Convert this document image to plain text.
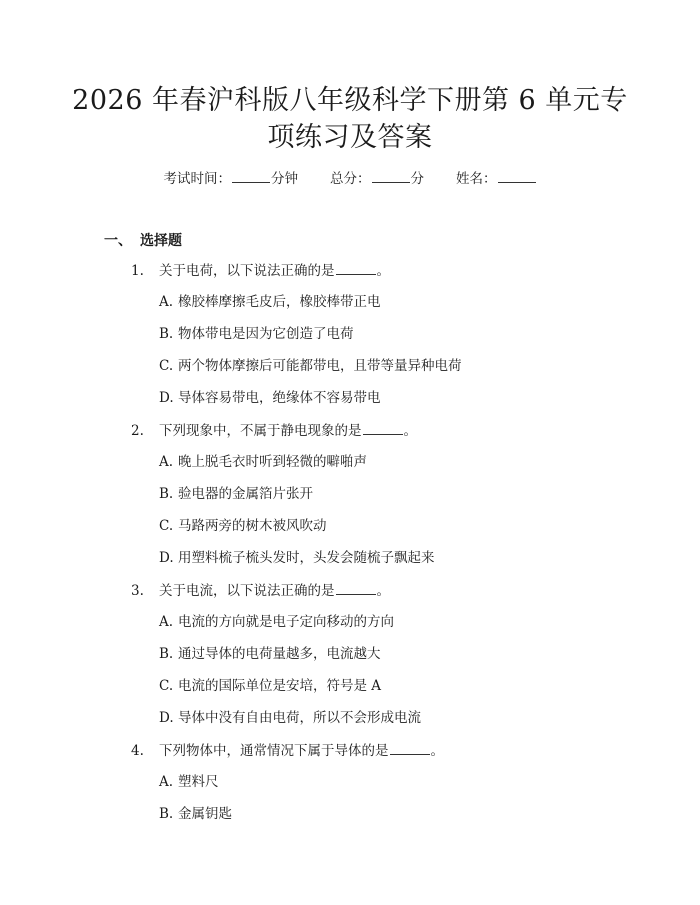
2026 年春沪科版八年级科学下册第 6 单元专
项练习及答案
考试时间：	分钟 总分：	分 姓名：
一、 选择题
1. 关于电荷，以下说法正确的是	。
A. 橡胶棒摩擦毛皮后，橡胶棒带正电
B. 物体带电是因为它创造了电荷
C. 两个物体摩擦后可能都带电，且带等量异种电荷
D. 导体容易带电，绝缘体不容易带电
2. 下列现象中，不属于静电现象的是	。
A. 晚上脱毛衣时听到轻微的噼啪声
B. 验电器的金属箔片张开
C. 马路两旁的树木被风吹动
D. 用塑料梳子梳头发时，头发会随梳子飘起来
3. 关于电流，以下说法正确的是	。
A. 电流的方向就是电子定向移动的方向
B. 通过导体的电荷量越多，电流越大
C. 电流的国际单位是安培，符号是 A
D. 导体中没有自由电荷，所以不会形成电流
4. 下列物体中，通常情况下属于导体的是	。
A. 塑料尺
B. 金属钥匙
